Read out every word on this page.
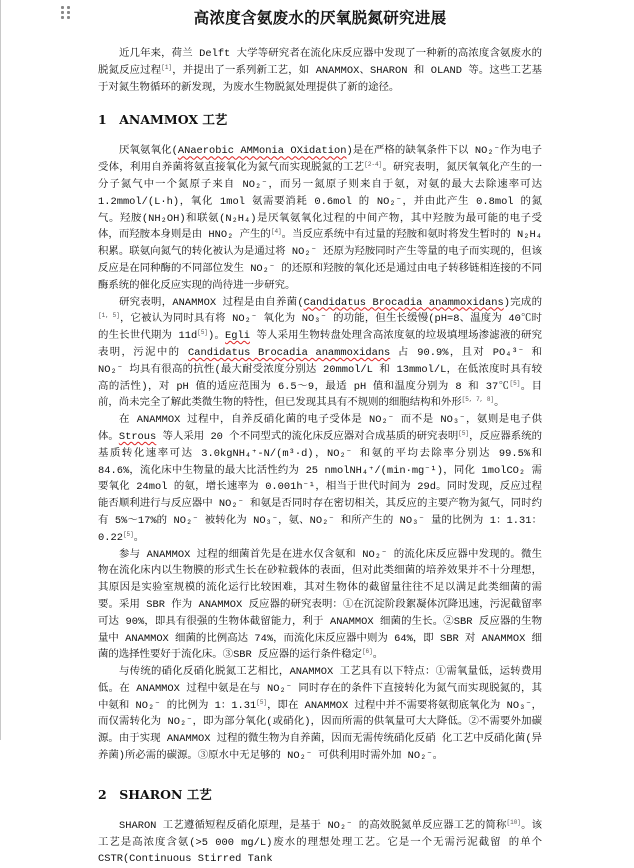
高浓度含氨废水的厌氧脱氮研究进展

近几年来，荷兰 Delft 大学等研究者在流化床反应器中发现了一种新的高浓度含氨废水的脱氮反应过程[1]，并提出了一系列新工艺，如 ANAMMOX、SHARON 和 OLAND 等。这些工艺基于对氮生物循环的新发现，为废水生物脱氮处理提供了新的途径。

1　ANAMMOX 工艺

厌氧氨氧化(ANaerobic AMMonia OXidation)是在严格的缺氧条件下以 NO₂⁻作为电子受体，利用自养菌将氨直接氧化为氮气而实现脱氮的工艺[2-4]。研究表明，氮厌氧氧化产生的一分子氮气中一个氮原子来自 NO₂⁻，而另一氮原子则来自于氨，对氨的最大去除速率可达 1.2mmol/(L·h)，氧化 1mol 氨需要消耗 0.6mol 的 NO₂⁻，并由此产生 0.8mol 的氮气。羟胺(NH₂OH)和联氨(N₂H₄)是厌氧氨氧化过程的中间产物，其中羟胺为最可能的电子受体，而羟胺本身则是由 HNO₂ 产生的[4]。当反应系统中有过量的羟胺和氨时将发生暂时的 N₂H₄ 积累。联氨向氮气的转化被认为是通过将 NO₂⁻ 还原为羟胺同时产生等量的电子而实现的，但该反应是在同种酶的不同部位发生 NO₂⁻ 的还原和羟胺的氧化还是通过由电子转移链相连接的不同酶系统的催化反应实现的尚待进一步研究。

研究表明，ANAMMOX 过程是由自养菌(Candidatus Brocadia anammoxidans)完成的[1, 5]，它被认为同时具有将 NO₂⁻ 氧化为 NO₃⁻ 的功能，但生长缓慢(pH=8、温度为 40℃时的生长世代期为 11d[5])。Egli 等人采用生物转盘处理含高浓度氨的垃圾填埋场渗滤液的研究表明，污泥中的 Candidatus Brocadia anammoxidans 占 90.9%，且对 PO₄³⁻ 和 NO₂⁻ 均具有很高的抗性(最大耐受浓度分别达 20mmol/L 和 13mmol/L，在低浓度时具有较高的活性)，对 pH 值的适应范围为 6.5～9，最适 pH 值和温度分别为 8 和 37℃[5]。目前，尚未完全了解此类微生物的特性，但已发现其具有不规则的细胞结构和外形[5, 7, 8]。

在 ANAMMOX 过程中，自养反硝化菌的电子受体是 NO₂⁻ 而不是 NO₃⁻，氨则是电子供体。Strous 等人采用 20 个不同型式的流化床反应器对合成基质的研究表明[5]，反应器系统的基质转化速率可达 3.0kgNH₄⁺-N/(m³·d)，NO₂⁻ 和氨的平均去除率分别达 99.5%和 84.6%，流化床中生物量的最大比活性约为 25 nmolNH₄⁺/(min·mg⁻¹)，同化 1molCO₂ 需要氧化 24mol 的氨，增长速率为 0.001h⁻¹，相当于世代时间为 29d。同时发现，反应过程能否顺利进行与反应器中 NO₂⁻ 和氨是否同时存在密切相关，其反应的主要产物为氮气，同时约有 5%～17%的 NO₂⁻ 被转化为 NO₃⁻，氨、NO₂⁻ 和所产生的 NO₃⁻ 量的比例为 1：1.31：0.22[5]。

参与 ANAMMOX 过程的细菌首先是在进水仅含氨和 NO₂⁻ 的流化床反应器中发现的。微生物在流化床内以生物膜的形式生长在砂粒载体的表面，但对此类细菌的培养效果并不十分理想，其原因是实验室规模的流化运行比较困难，其对生物体的截留量往往不足以满足此类细菌的需要。采用 SBR 作为 ANAMMOX 反应器的研究表明：①在沉淀阶段絮凝体沉降迅速，污泥截留率可达 90%，即具有很强的生物体截留能力，利于 ANAMMOX 细菌的生长。②SBR 反应器的生物量中 ANAMMOX 细菌的比例高达 74%，而流化床反应器中则为 64%，即 SBR 对 ANAMMOX 细菌的选择性要好于流化床。③SBR 反应器的运行条件稳定[6]。

与传统的硝化反硝化脱氮工艺相比，ANAMMOX 工艺具有以下特点：①需氧量低，运转费用低。在 ANAMMOX 过程中氨是在与 NO₂⁻ 同时存在的条件下直接转化为氮气而实现脱氮的，其中氨和 NO₂⁻ 的比例为 1：1.31[5]，即在 ANAMMOX 过程中并不需要将氨彻底氧化为 NO₃⁻，而仅需转化为 NO₂⁻，即为部分氧化(或硝化)，因而所需的供氧量可大大降低。②不需要外加碳源。由于实现 ANAMMOX 过程的微生物为自养菌，因而无需传统硝化反硝 化工艺中反硝化菌(异养菌)所必需的碳源。③原水中无足够的 NO₂⁻ 可供利用时需外加 NO₂⁻。

2　SHARON 工艺

SHARON 工艺遵循短程反硝化原理，是基于 NO₂⁻ 的高效脱氮单反应器工艺的简称[10]。该工艺是高浓度含氨(>5 000 mg/L)废水的理想处理工艺。它是一个无需污泥截留 的单个 CSTR(Continuous Stirred Tank
